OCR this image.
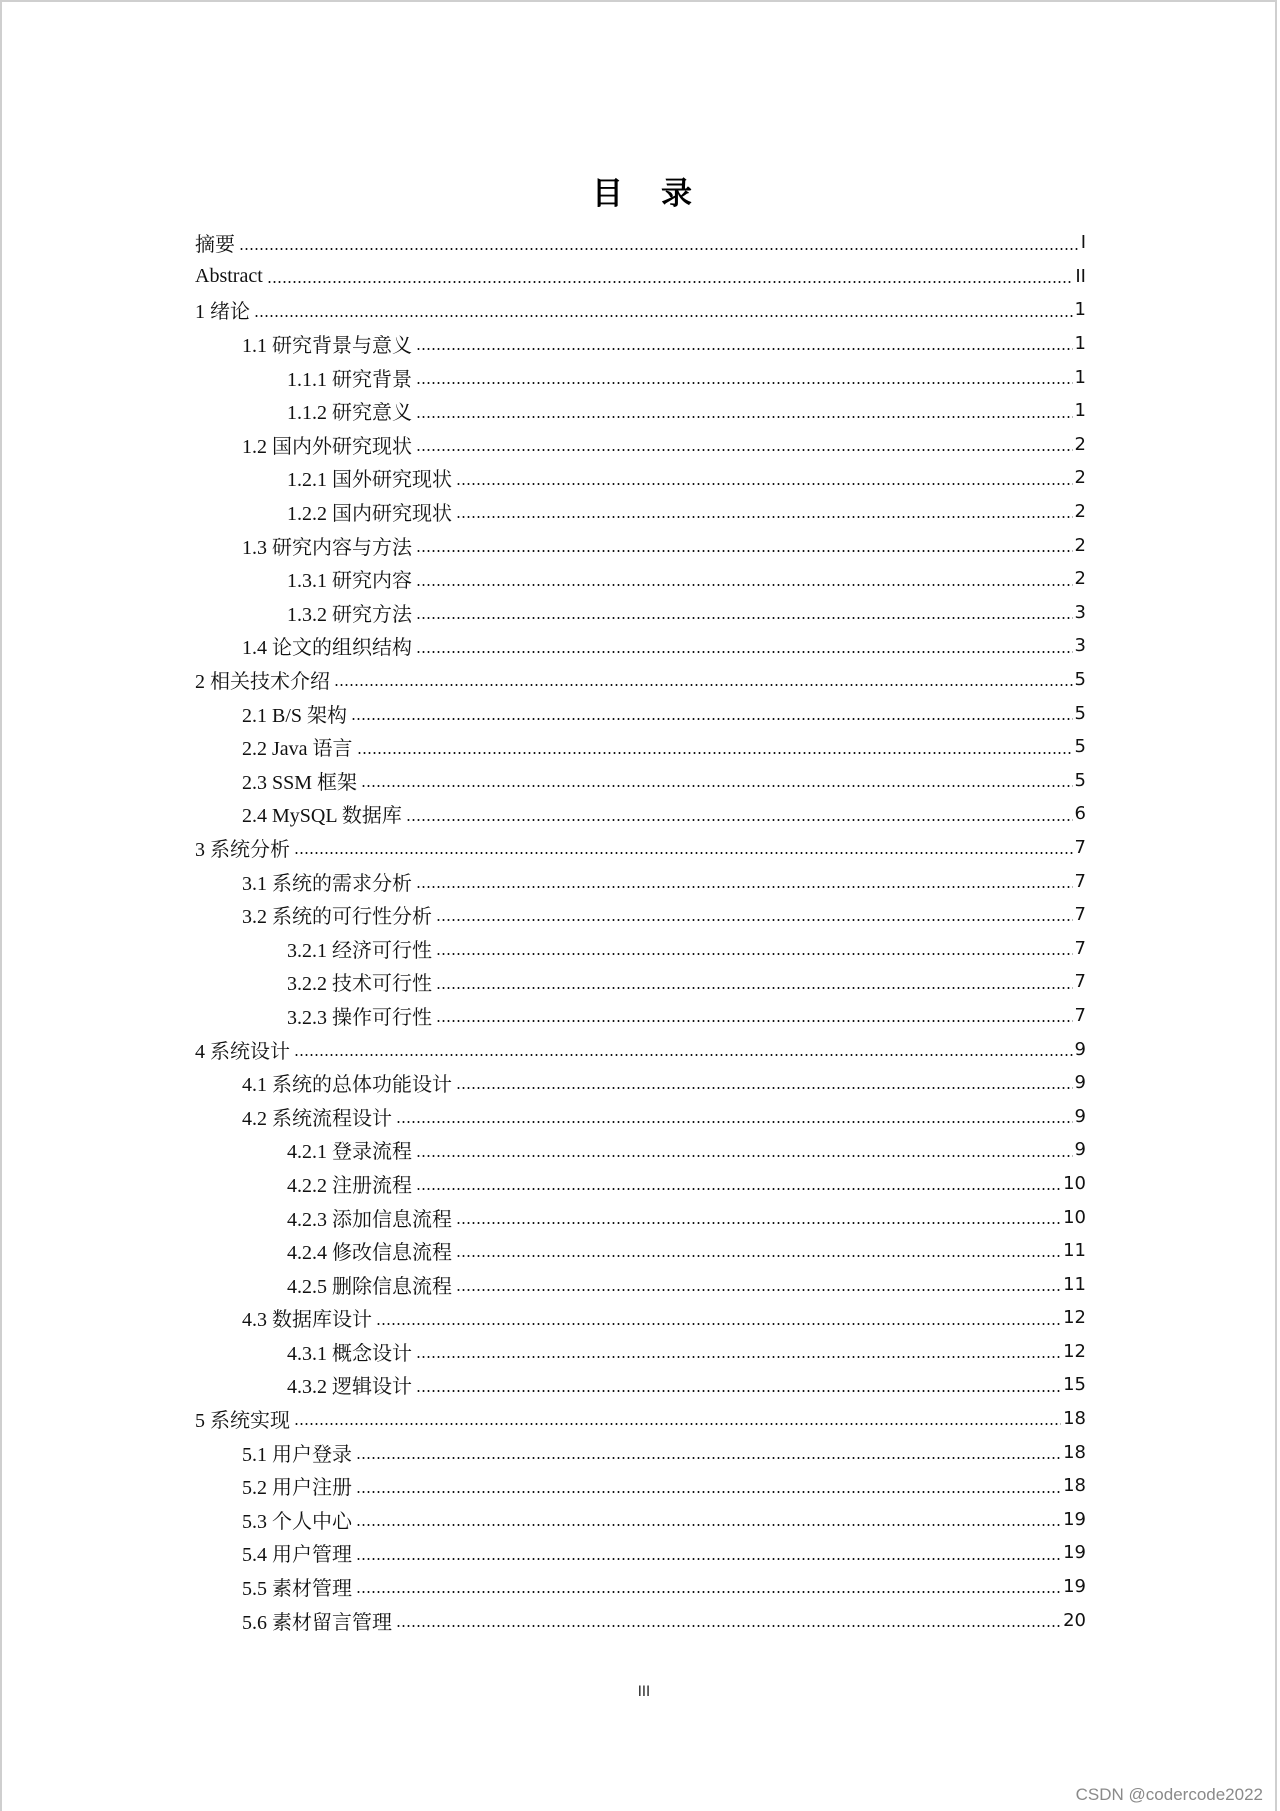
目录
摘要	I
Abstract	II
1 绪论	1
1.1 研究背景与意义	1
1.1.1 研究背景	1
1.1.2 研究意义	1
1.2 国内外研究现状	2
1.2.1 国外研究现状	2
1.2.2 国内研究现状	2
1.3 研究内容与方法	2
1.3.1 研究内容	2
1.3.2 研究方法	3
1.4 论文的组织结构	3
2 相关技术介绍	5
2.1 B/S 架构	5
2.2 Java 语言	5
2.3 SSM 框架	5
2.4 MySQL 数据库	6
3 系统分析	7
3.1 系统的需求分析	7
3.2 系统的可行性分析	7
3.2.1 经济可行性	7
3.2.2 技术可行性	7
3.2.3 操作可行性	7
4 系统设计	9
4.1 系统的总体功能设计	9
4.2 系统流程设计	9
4.2.1 登录流程	9
4.2.2 注册流程	10
4.2.3 添加信息流程	10
4.2.4 修改信息流程	11
4.2.5 删除信息流程	11
4.3 数据库设计	12
4.3.1 概念设计	12
4.3.2 逻辑设计	15
5 系统实现	18
5.1 用户登录	18
5.2 用户注册	18
5.3 个人中心	19
5.4 用户管理	19
5.5 素材管理	19
5.6 素材留言管理	20
III
CSDN @codercode2022
